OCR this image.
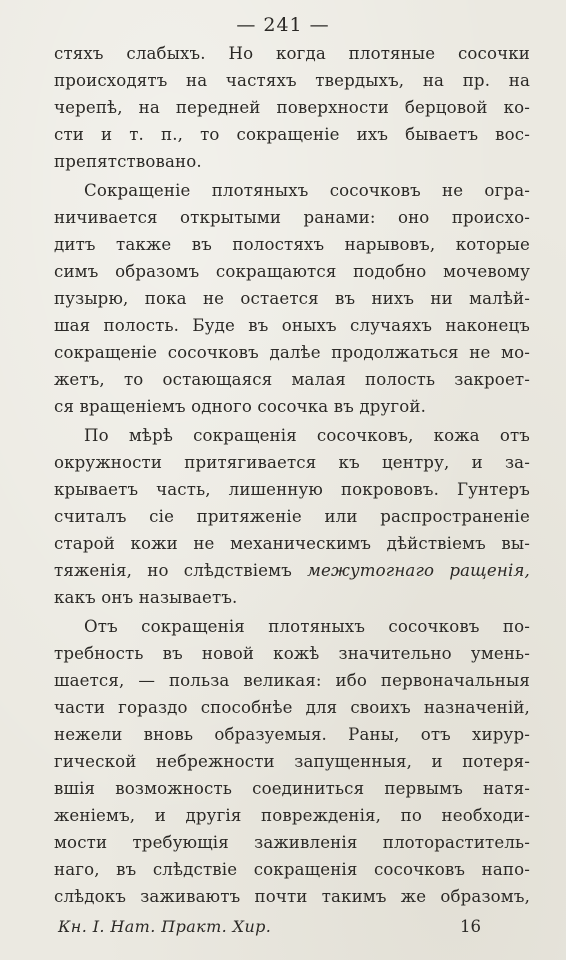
— 241 —
стяхъ слабыхъ. Но когда плотяные сосочки
происходятъ на частяхъ твердыхъ, на пр. на
черепѣ, на передней поверхности берцовой ко-
сти и т. п., то сокращеніе ихъ бываетъ вос-
препятствовано.
Сокращеніе плотяныхъ сосочковъ не огра-
ничивается открытыми ранами: оно происхо-
дитъ также въ полостяхъ нарывовъ, которые
симъ образомъ сокращаются подобно мочевому
пузырю, пока не остается въ нихъ ни малѣй-
шая полость. Буде въ оныхъ случаяхъ наконецъ
сокращеніе сосочковъ далѣе продолжаться не мо-
жетъ, то остающаяся малая полость закроет-
ся вращеніемъ одного сосочка въ другой.
По мѣрѣ сокращенія сосочковъ, кожа отъ
окружности притягивается къ центру, и за-
крываетъ часть, лишенную покрововъ. Гунтеръ
считалъ сіе притяженіе или распространеніе
старой кожи не механическимъ дѣйствіемъ вы-
тяженія, но слѣдствіемъ межутогнаго ращенія,
какъ онъ называетъ.
Отъ сокращенія плотяныхъ сосочковъ по-
требность въ новой кожѣ значительно умень-
шается, — польза великая: ибо первоначальныя
части гораздо способнѣе для своихъ назначеній,
нежели вновь образуемыя. Раны, отъ хирур-
гической небрежности запущенныя, и потеря-
вшія возможность соединиться первымъ натя-
женіемъ, и другія поврежденія, по необходи-
мости требующія заживленія плотораститель-
наго, въ слѣдствіе сокращенія сосочковъ напо-
слѣдокъ заживаютъ почти такимъ же образомъ,
Кн. I. Нат. Практ. Хир.	16
